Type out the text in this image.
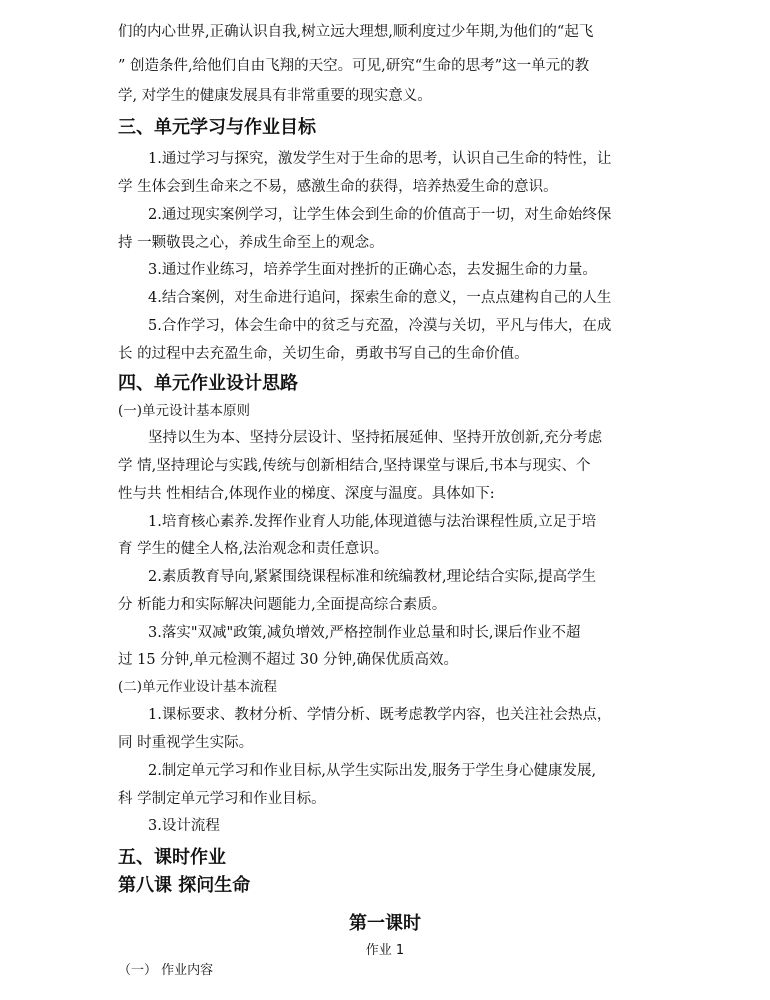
们的内心世界,正确认识自我,树立远大理想,顺利度过少年期,为他们的“起飞
” 创造条件,给他们自由飞翔的天空。可见,研究“生命的思考”这一单元的教
学, 对学生的健康发展具有非常重要的现实意义。
三、单元学习与作业目标
1.通过学习与探究，激发学生对于生命的思考，认识自己生命的特性，让
学 生体会到生命来之不易，感激生命的获得，培养热爱生命的意识。
2.通过现实案例学习，让学生体会到生命的价值高于一切，对生命始终保
持 一颗敬畏之心，养成生命至上的观念。
3.通过作业练习，培养学生面对挫折的正确心态，去发掘生命的力量。
4.结合案例，对生命进行追问，探索生命的意义，一点点建构自己的人生
5.合作学习，体会生命中的贫乏与充盈，冷漠与关切，平凡与伟大，在成
长 的过程中去充盈生命，关切生命，勇敢书写自己的生命价值。
四、单元作业设计思路
(一)单元设计基本原则
坚持以生为本、坚持分层设计、坚持拓展延伸、坚持开放创新,充分考虑
学 情,坚持理论与实践,传统与创新相结合,坚持课堂与课后,书本与现实、个
性与共 性相结合,体现作业的梯度、深度与温度。具体如下:
1.培育核心素养.发挥作业育人功能,体现道德与法治课程性质,立足于培
育 学生的健全人格,法治观念和责任意识。
2.素质教育导向,紧紧围绕课程标准和统编教材,理论结合实际,提高学生
分 析能力和实际解决问题能力,全面提高综合素质。
3.落实"双减"政策,减负增效,严格控制作业总量和时长,课后作业不超
过 15 分钟,单元检测不超过 30 分钟,确保优质高效。
(二)单元作业设计基本流程
1.课标要求、教材分析、学情分析、既考虑教学内容，也关注社会热点，
同 时重视学生实际。
2.制定单元学习和作业目标,从学生实际出发,服务于学生身心健康发展,
科 学制定单元学习和作业目标。
3.设计流程
五、课时作业
第八课 探问生命
第一课时
作业 1
（一） 作业内容
